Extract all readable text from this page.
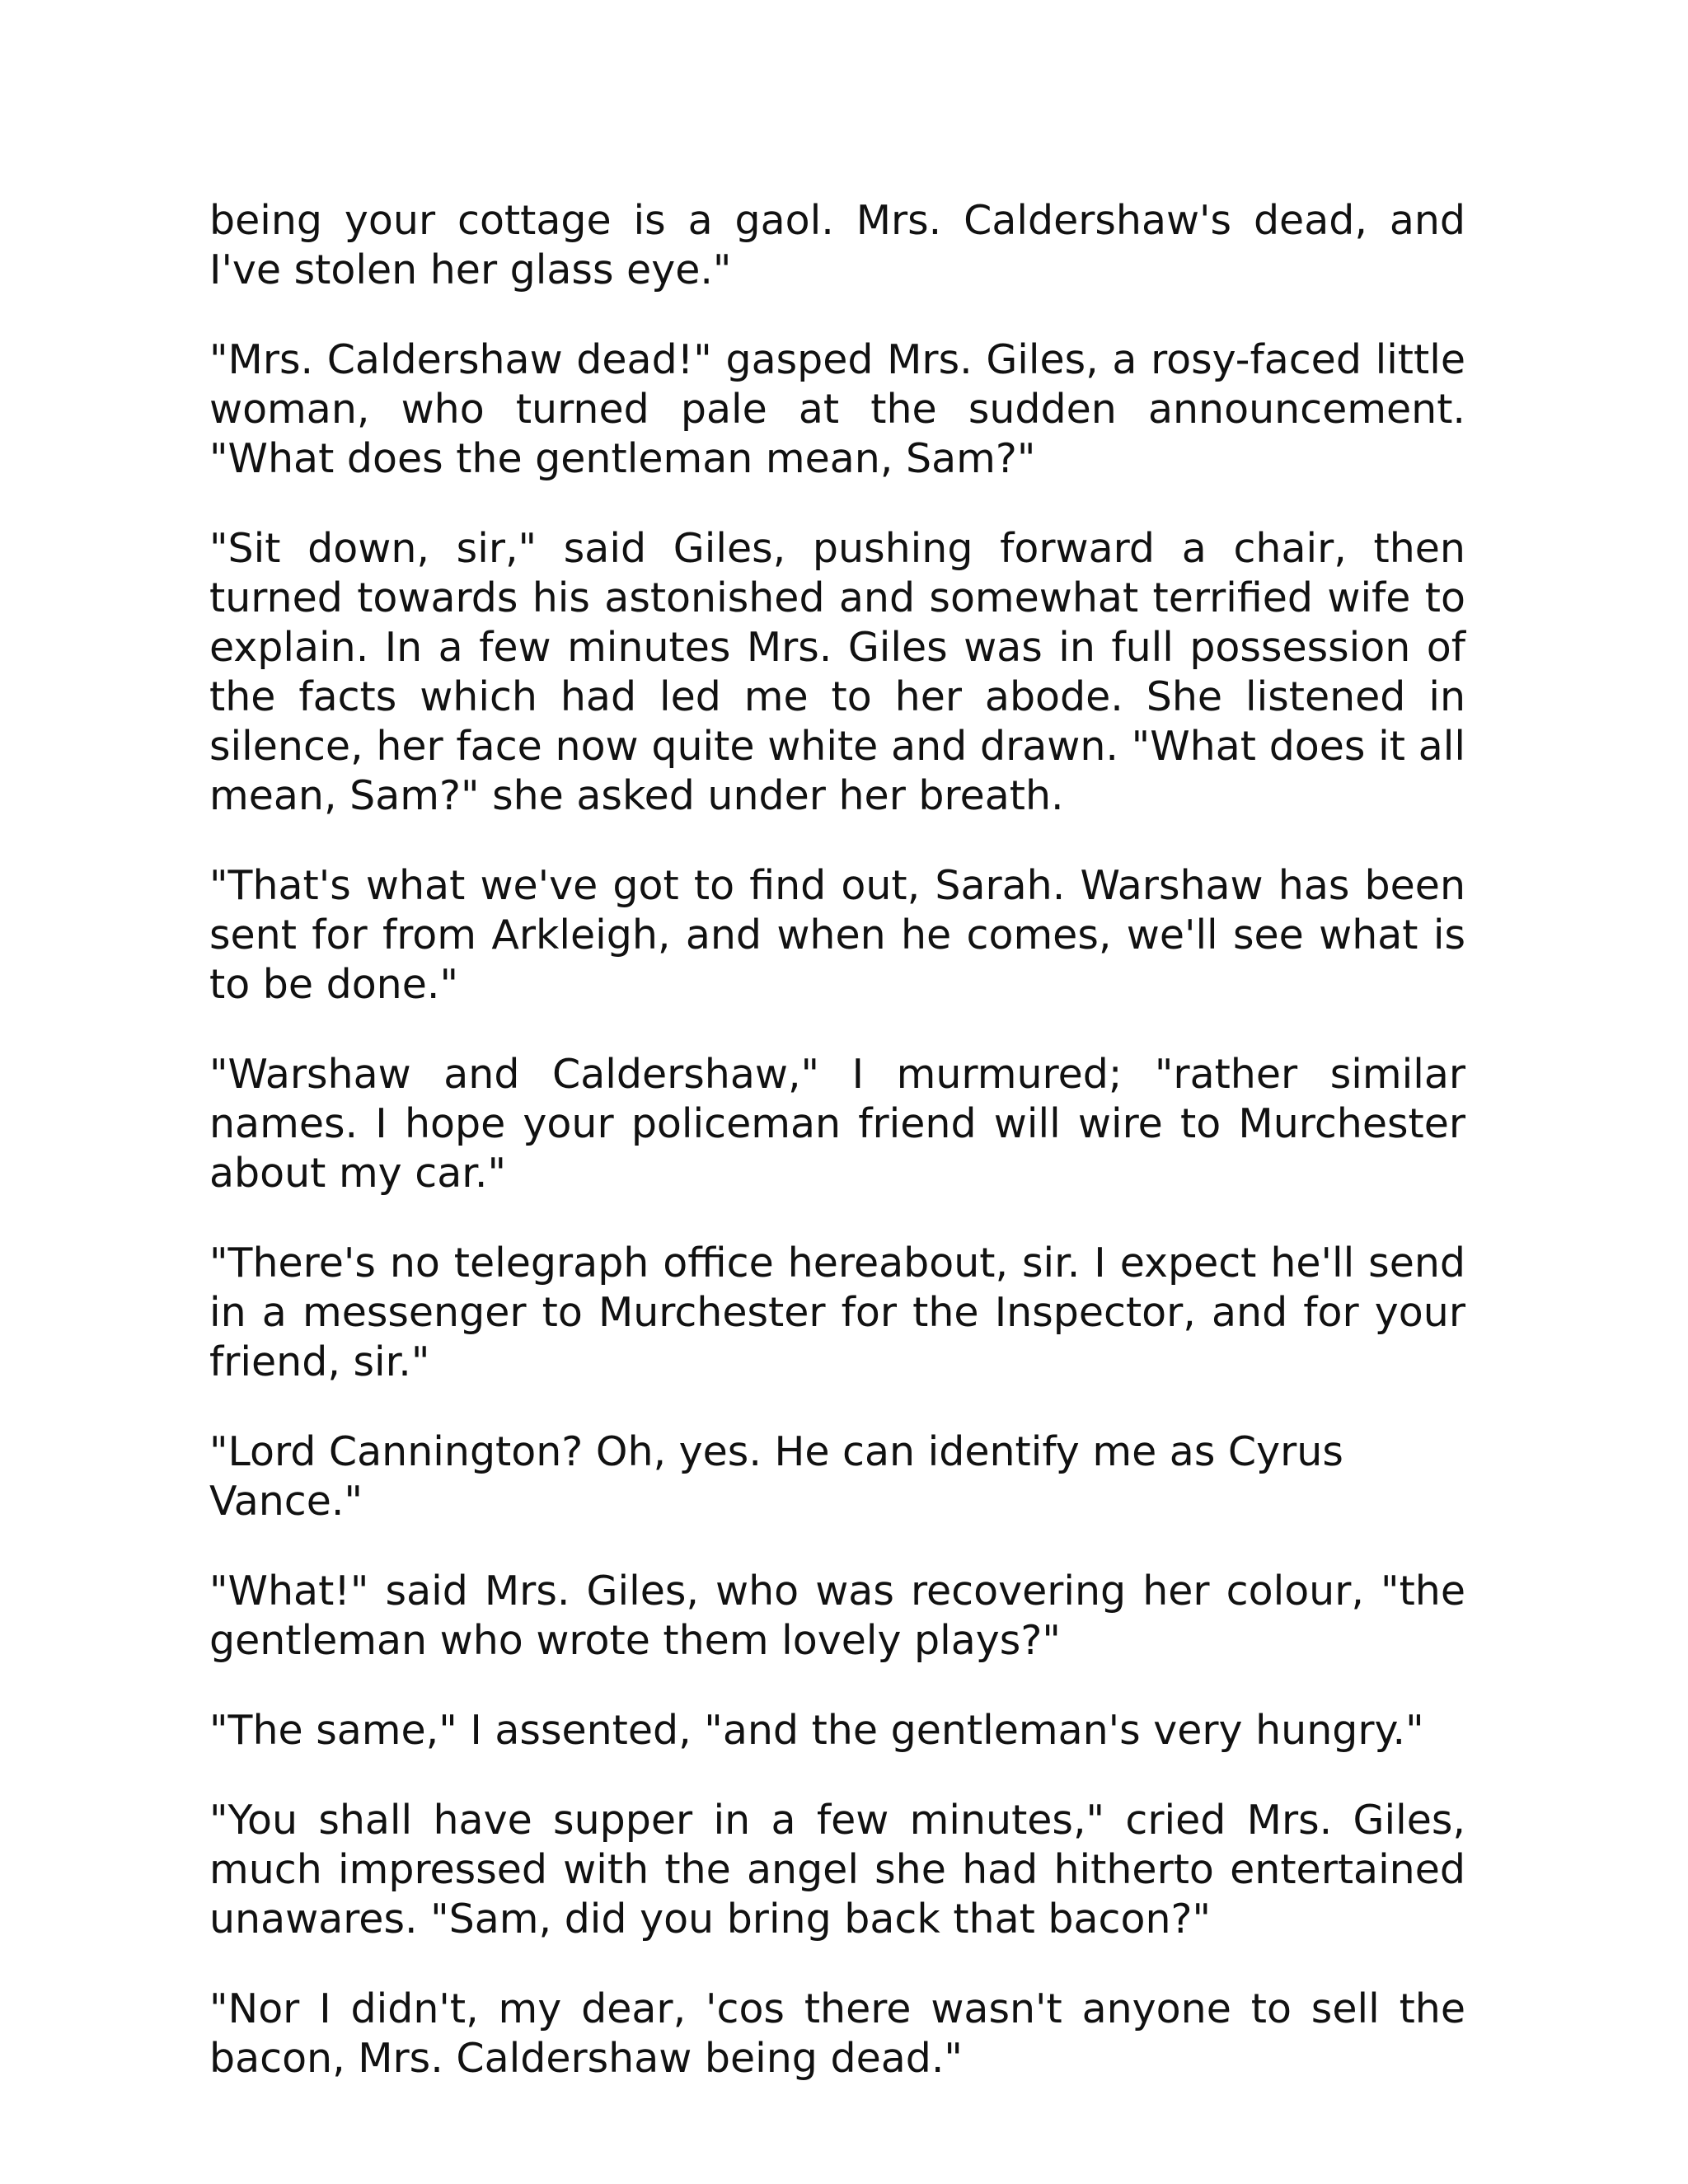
being your cottage is a gaol. Mrs. Caldershaw's dead, and I've stolen her glass eye."

"Mrs. Caldershaw dead!" gasped Mrs. Giles, a rosy-faced little woman, who turned pale at the sudden announcement. "What does the gentleman mean, Sam?"

"Sit down, sir," said Giles, pushing forward a chair, then turned towards his astonished and somewhat terrified wife to explain. In a few minutes Mrs. Giles was in full possession of the facts which had led me to her abode. She listened in silence, her face now quite white and drawn. "What does it all mean, Sam?" she asked under her breath.

"That's what we've got to find out, Sarah. Warshaw has been sent for from Arkleigh, and when he comes, we'll see what is to be done."

"Warshaw and Caldershaw," I murmured; "rather similar names. I hope your policeman friend will wire to Murchester about my car."

"There's no telegraph office hereabout, sir. I expect he'll send in a messenger to Murchester for the Inspector, and for your friend, sir."

"Lord Cannington? Oh, yes. He can identify me as Cyrus Vance."

"What!" said Mrs. Giles, who was recovering her colour, "the gentleman who wrote them lovely plays?"

"The same," I assented, "and the gentleman's very hungry."

"You shall have supper in a few minutes," cried Mrs. Giles, much impressed with the angel she had hitherto entertained unawares. "Sam, did you bring back that bacon?"

"Nor I didn't, my dear, 'cos there wasn't anyone to sell the bacon, Mrs. Caldershaw being dead."
